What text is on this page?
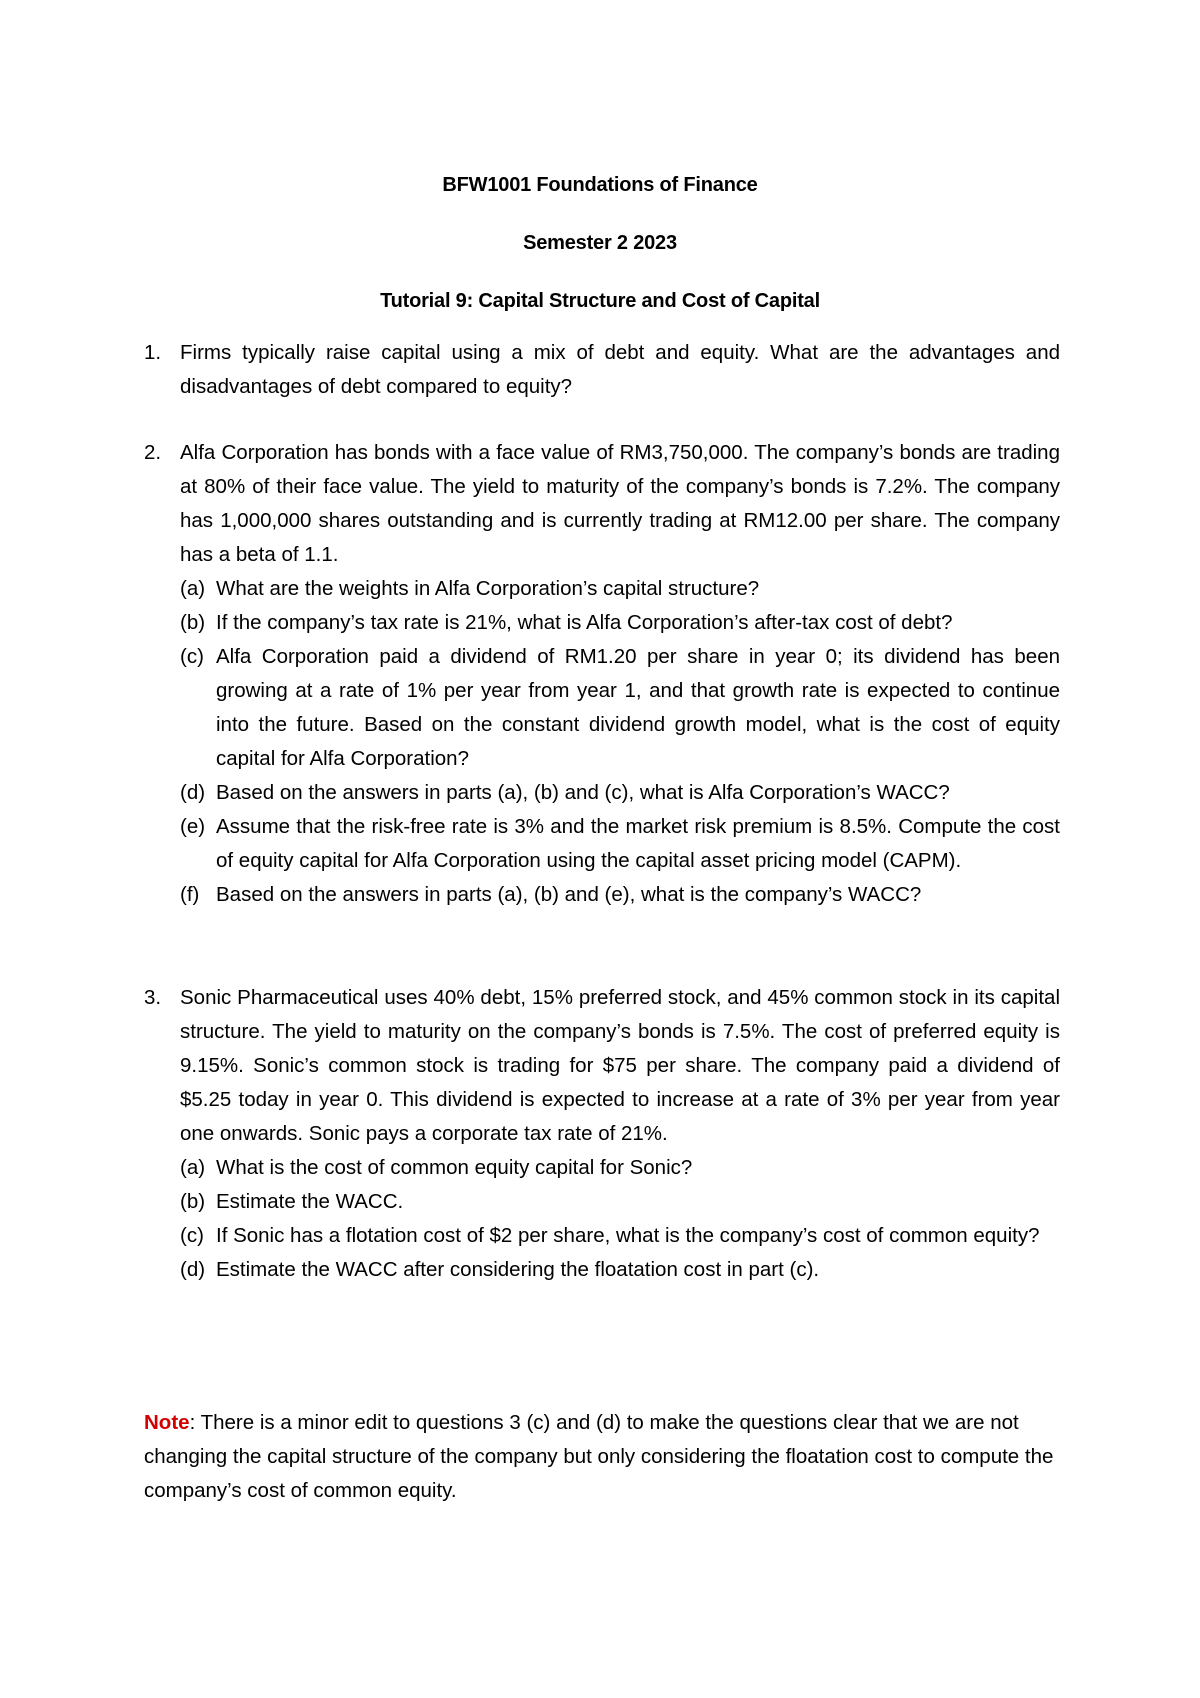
BFW1001 Foundations of Finance
Semester 2 2023
Tutorial 9: Capital Structure and Cost of Capital
1. Firms typically raise capital using a mix of debt and equity. What are the advantages and disadvantages of debt compared to equity?
2. Alfa Corporation has bonds with a face value of RM3,750,000. The company’s bonds are trading at 80% of their face value. The yield to maturity of the company’s bonds is 7.2%. The company has 1,000,000 shares outstanding and is currently trading at RM12.00 per share. The company has a beta of 1.1.
(a) What are the weights in Alfa Corporation’s capital structure?
(b) If the company’s tax rate is 21%, what is Alfa Corporation’s after-tax cost of debt?
(c) Alfa Corporation paid a dividend of RM1.20 per share in year 0; its dividend has been growing at a rate of 1% per year from year 1, and that growth rate is expected to continue into the future. Based on the constant dividend growth model, what is the cost of equity capital for Alfa Corporation?
(d) Based on the answers in parts (a), (b) and (c), what is Alfa Corporation’s WACC?
(e) Assume that the risk-free rate is 3% and the market risk premium is 8.5%. Compute the cost of equity capital for Alfa Corporation using the capital asset pricing model (CAPM).
(f) Based on the answers in parts (a), (b) and (e), what is the company’s WACC?
3. Sonic Pharmaceutical uses 40% debt, 15% preferred stock, and 45% common stock in its capital structure. The yield to maturity on the company’s bonds is 7.5%. The cost of preferred equity is 9.15%. Sonic’s common stock is trading for $75 per share. The company paid a dividend of $5.25 today in year 0. This dividend is expected to increase at a rate of 3% per year from year one onwards. Sonic pays a corporate tax rate of 21%.
(a) What is the cost of common equity capital for Sonic?
(b) Estimate the WACC.
(c) If Sonic has a flotation cost of $2 per share, what is the company’s cost of common equity?
(d) Estimate the WACC after considering the floatation cost in part (c).
Note: There is a minor edit to questions 3 (c) and (d) to make the questions clear that we are not changing the capital structure of the company but only considering the floatation cost to compute the company’s cost of common equity.
